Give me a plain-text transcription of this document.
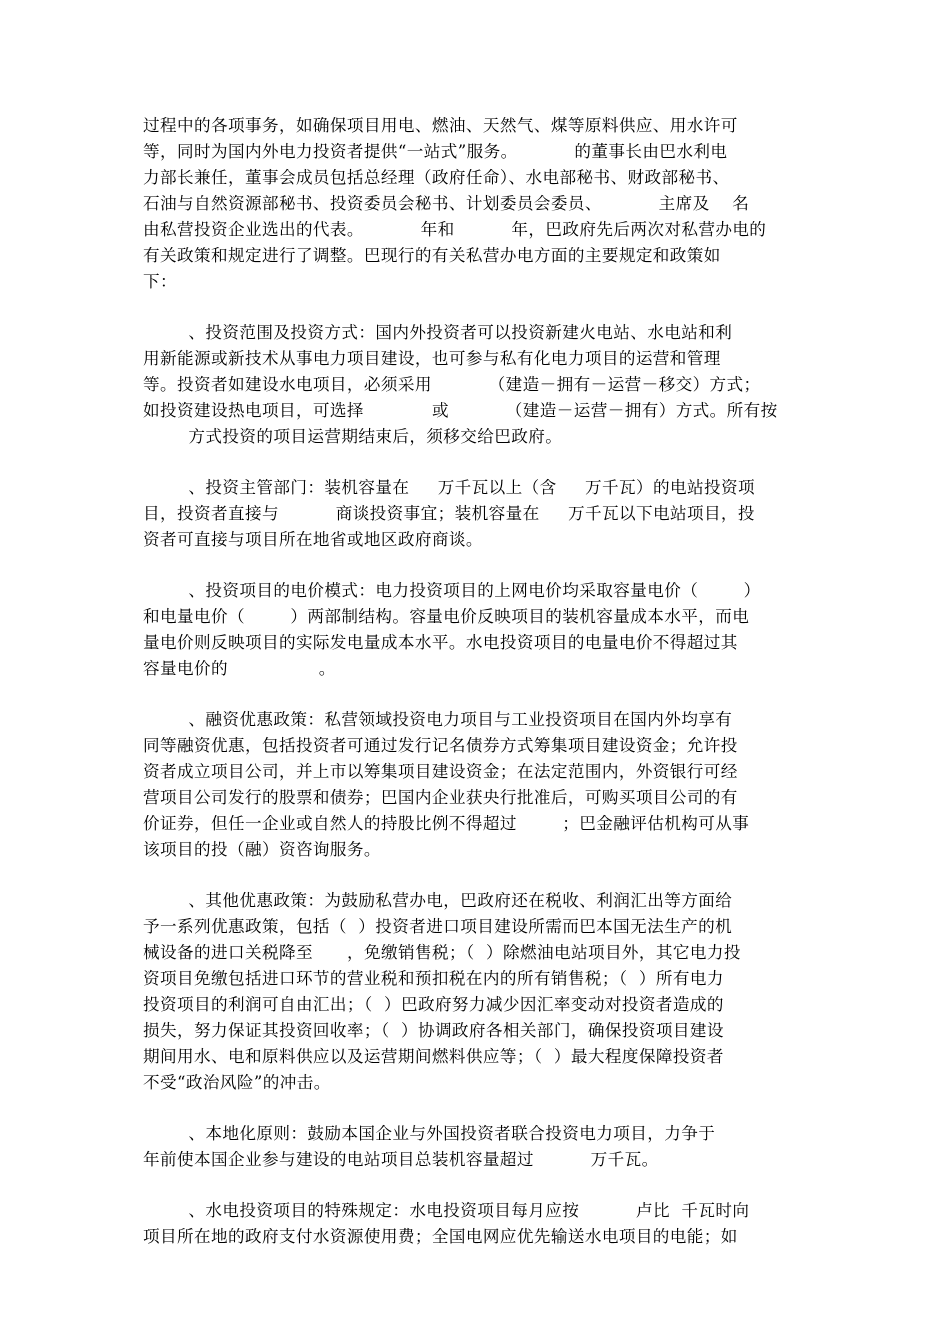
过程中的各项事务，如确保项目用电、燃油、天然气、煤等原料供应、用水许可
等，同时为国内外电力投资者提供“一站式”服务。          的董事长由巴水利电
力部长兼任，董事会成员包括总经理（政府任命）、水电部秘书、财政部秘书、
石油与自然资源部秘书、投资委员会秘书、计划委员会委员、          主席及    名
由私营投资企业选出的代表。          年和          年，巴政府先后两次对私营办电的
有关政策和规定进行了调整。巴现行的有关私营办电方面的主要规定和政策如
下：
、投资范围及投资方式：国内外投资者可以投资新建火电站、水电站和利
用新能源或新技术从事电力项目建设，也可参与私有化电力项目的运营和管理
等。投资者如建设水电项目，必须采用          （建造－拥有－运营－移交）方式；
如投资建设热电项目，可选择            或          （建造－运营－拥有）方式。所有按
方式投资的项目运营期结束后，须移交给巴政府。
、投资主管部门：装机容量在     万千瓦以上（含     万千瓦）的电站投资项
目，投资者直接与          商谈投资事宜；装机容量在     万千瓦以下电站项目，投
资者可直接与项目所在地省或地区政府商谈。
、投资项目的电价模式：电力投资项目的上网电价均采取容量电价（        ）
和电量电价（        ）两部制结构。容量电价反映项目的装机容量成本水平，而电
量电价则反映项目的实际发电量成本水平。水电投资项目的电量电价不得超过其
容量电价的                。
、融资优惠政策：私营领域投资电力项目与工业投资项目在国内外均享有
同等融资优惠，包括投资者可通过发行记名债券方式筹集项目建设资金；允许投
资者成立项目公司，并上市以筹集项目建设资金；在法定范围内，外资银行可经
营项目公司发行的股票和债券；巴国内企业获央行批准后，可购买项目公司的有
价证券，但任一企业或自然人的持股比例不得超过        ；巴金融评估机构可从事
该项目的投（融）资咨询服务。
、其他优惠政策：为鼓励私营办电，巴政府还在税收、利润汇出等方面给
予一系列优惠政策，包括（  ）投资者进口项目建设所需而巴本国无法生产的机
械设备的进口关税降至      ，免缴销售税；（  ）除燃油电站项目外，其它电力投
资项目免缴包括进口环节的营业税和预扣税在内的所有销售税；（  ）所有电力
投资项目的利润可自由汇出；（  ）巴政府努力减少因汇率变动对投资者造成的
损失，努力保证其投资回收率；（  ）协调政府各相关部门，确保投资项目建设
期间用水、电和原料供应以及运营期间燃料供应等；（  ）最大程度保障投资者
不受“政治风险”的冲击。
、本地化原则：鼓励本国企业与外国投资者联合投资电力项目，力争于
年前使本国企业参与建设的电站项目总装机容量超过          万千瓦。
、水电投资项目的特殊规定：水电投资项目每月应按          卢比  千瓦时向
项目所在地的政府支付水资源使用费；全国电网应优先输送水电项目的电能；如
